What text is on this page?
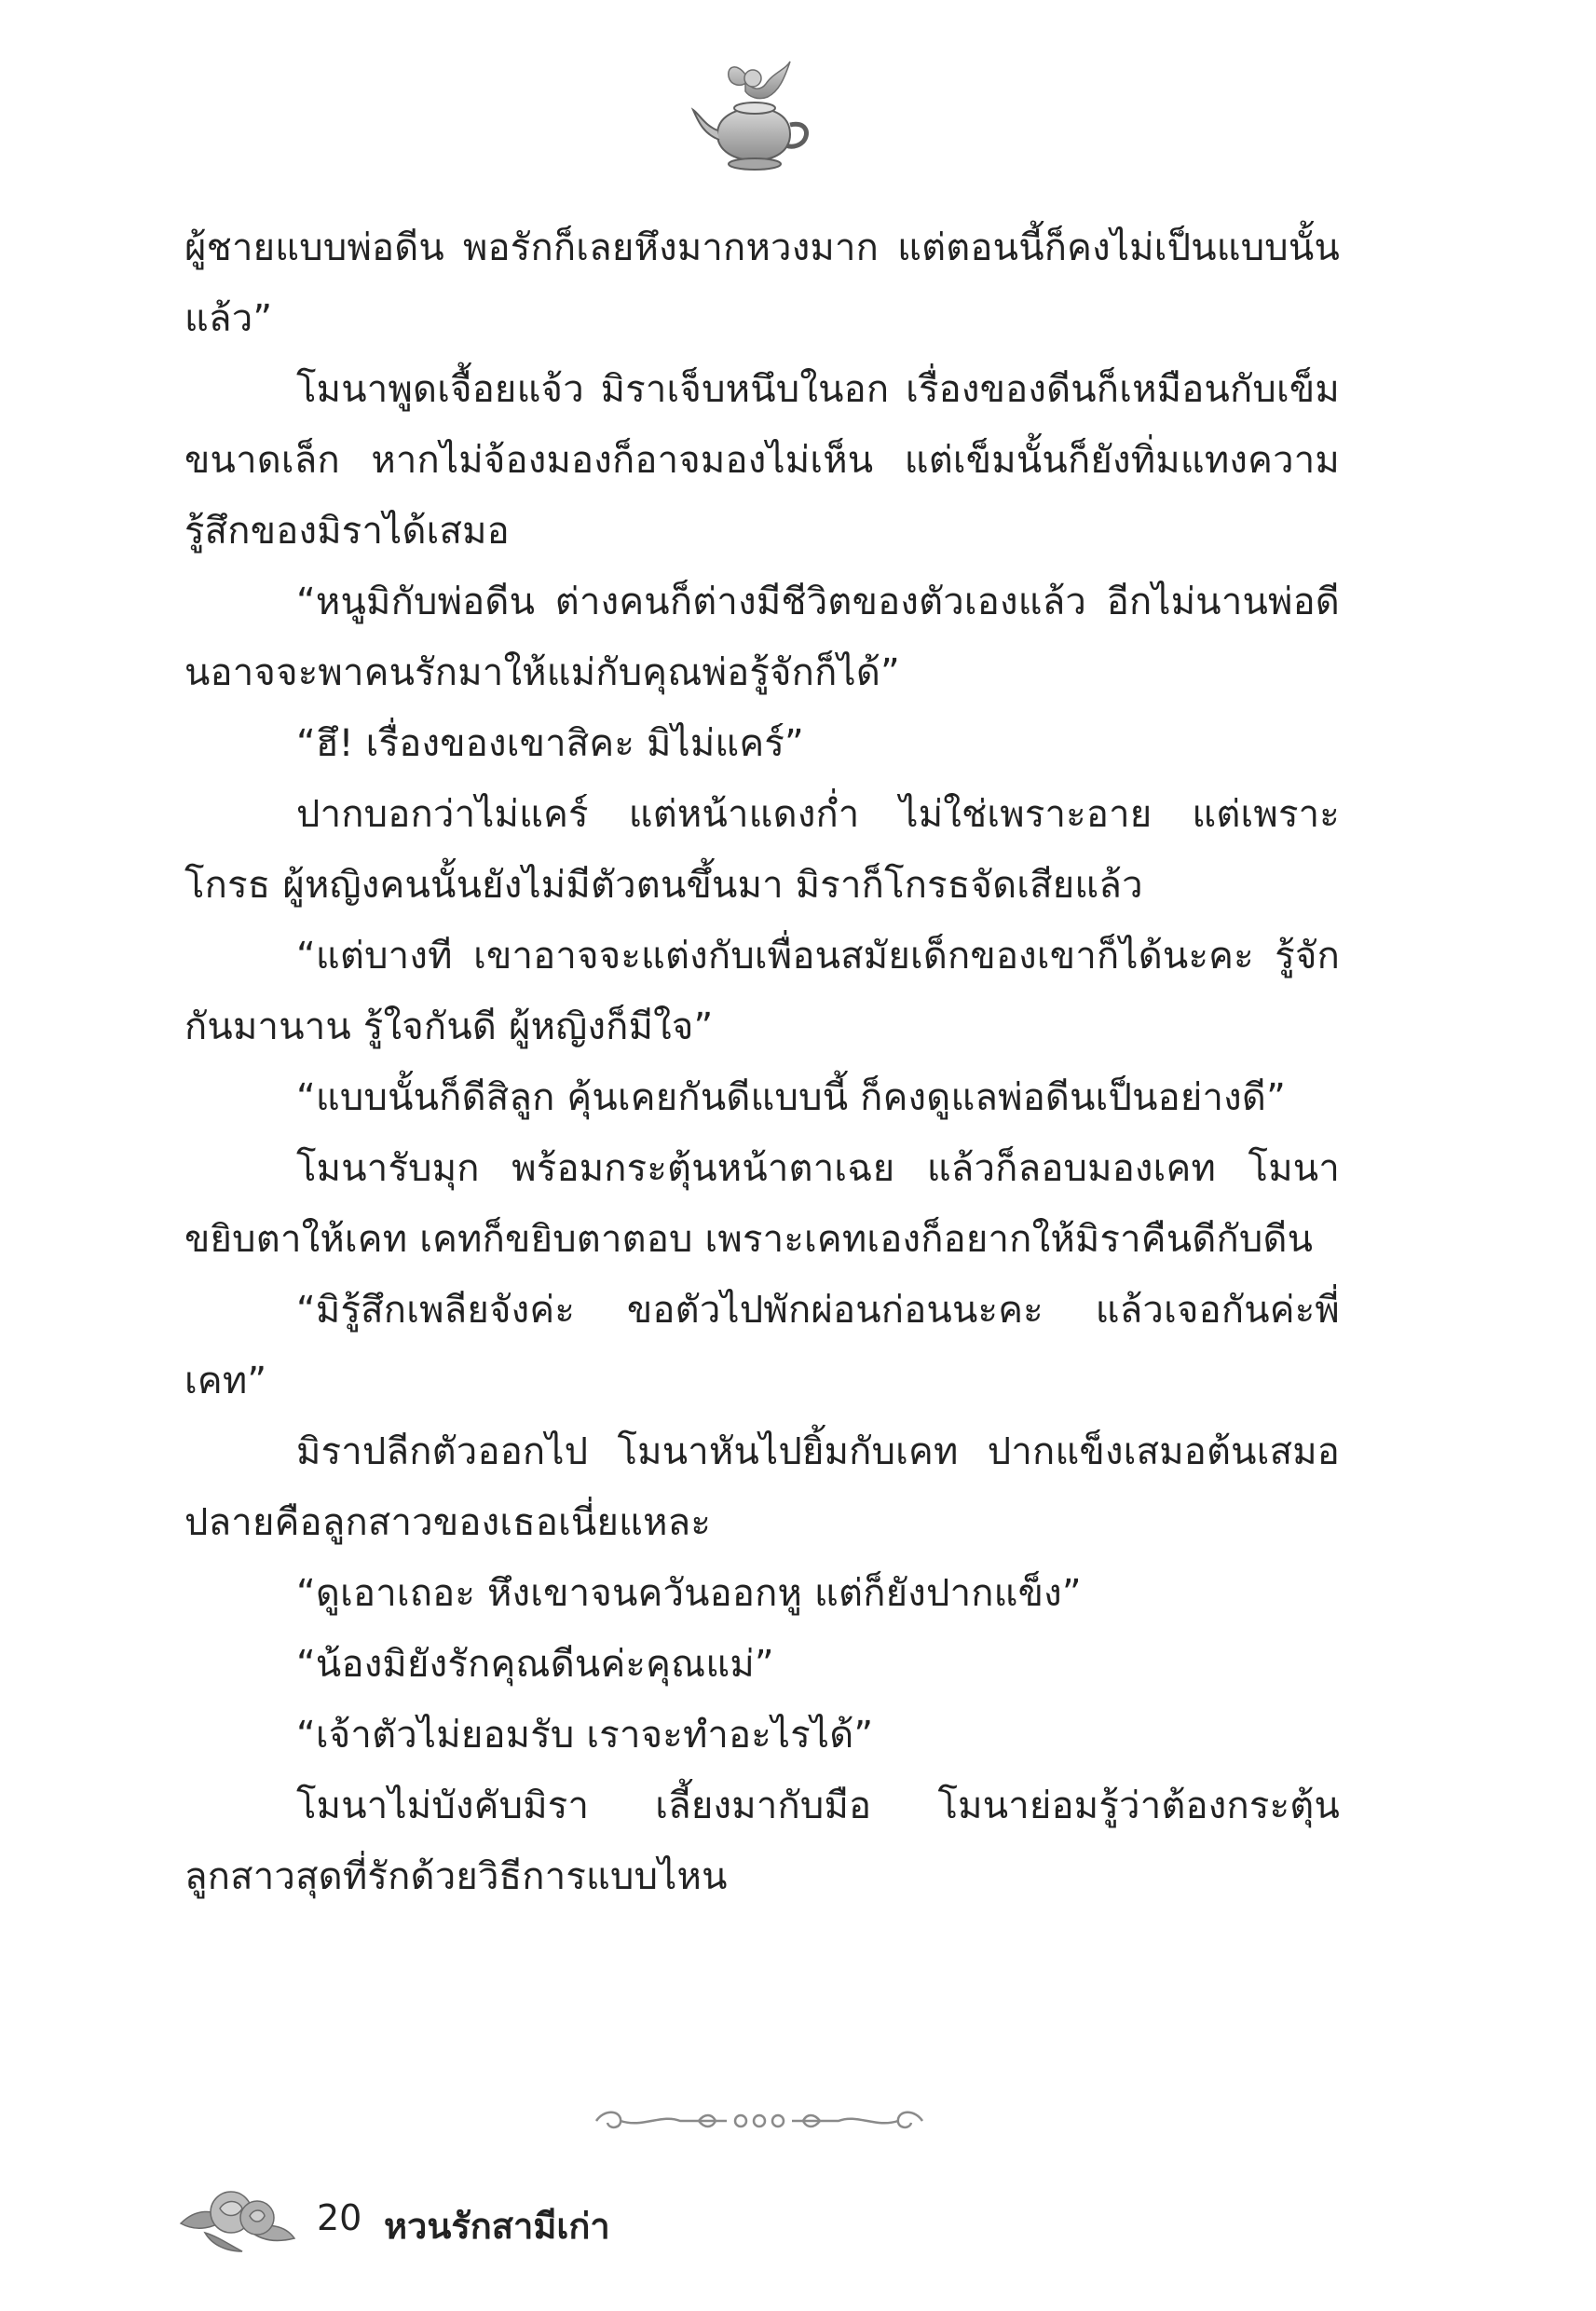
ผู้ชายแบบพ่อดีน พอรักก็เลยหึงมากหวงมาก แต่ตอนนี้ก็คงไม่เป็นแบบนั้นแล้ว”

โมนาพูดเจื้อยแจ้ว มิราเจ็บหนึบในอก เรื่องของดีนก็เหมือนกับเข็มขนาดเล็ก หากไม่จ้องมองก็อาจมองไม่เห็น แต่เข็มนั้นก็ยังทิ่มแทงความรู้สึกของมิราได้เสมอ

“หนูมิกับพ่อดีน ต่างคนก็ต่างมีชีวิตของตัวเองแล้ว อีกไม่นานพ่อดีนอาจจะพาคนรักมาให้แม่กับคุณพ่อรู้จักก็ได้”

“ฮึ! เรื่องของเขาสิคะ มิไม่แคร์”

ปากบอกว่าไม่แคร์ แต่หน้าแดงก่ำ ไม่ใช่เพราะอาย แต่เพราะโกรธ ผู้หญิงคนนั้นยังไม่มีตัวตนขึ้นมา มิราก็โกรธจัดเสียแล้ว

“แต่บางที เขาอาจจะแต่งกับเพื่อนสมัยเด็กของเขาก็ได้นะคะ รู้จักกันมานาน รู้ใจกันดี ผู้หญิงก็มีใจ”

“แบบนั้นก็ดีสิลูก คุ้นเคยกันดีแบบนี้ ก็คงดูแลพ่อดีนเป็นอย่างดี”

โมนารับมุก พร้อมกระตุ้นหน้าตาเฉย แล้วก็ลอบมองเคท โมนาขยิบตาให้เคท เคทก็ขยิบตาตอบ เพราะเคทเองก็อยากให้มิราคืนดีกับดีน

“มิรู้สึกเพลียจังค่ะ ขอตัวไปพักผ่อนก่อนนะคะ แล้วเจอกันค่ะพี่เคท”

มิราปลีกตัวออกไป โมนาหันไปยิ้มกับเคท ปากแข็งเสมอต้นเสมอปลายคือลูกสาวของเธอเนี่ยแหละ

“ดูเอาเถอะ หึงเขาจนควันออกหู แต่ก็ยังปากแข็ง”

“น้องมิยังรักคุณดีนค่ะคุณแม่”

“เจ้าตัวไม่ยอมรับ เราจะทำอะไรได้”

โมนาไม่บังคับมิรา เลี้ยงมากับมือ โมนาย่อมรู้ว่าต้องกระตุ้นลูกสาวสุดที่รักด้วยวิธีการแบบไหน

20 หวนรักสามีเก่า
